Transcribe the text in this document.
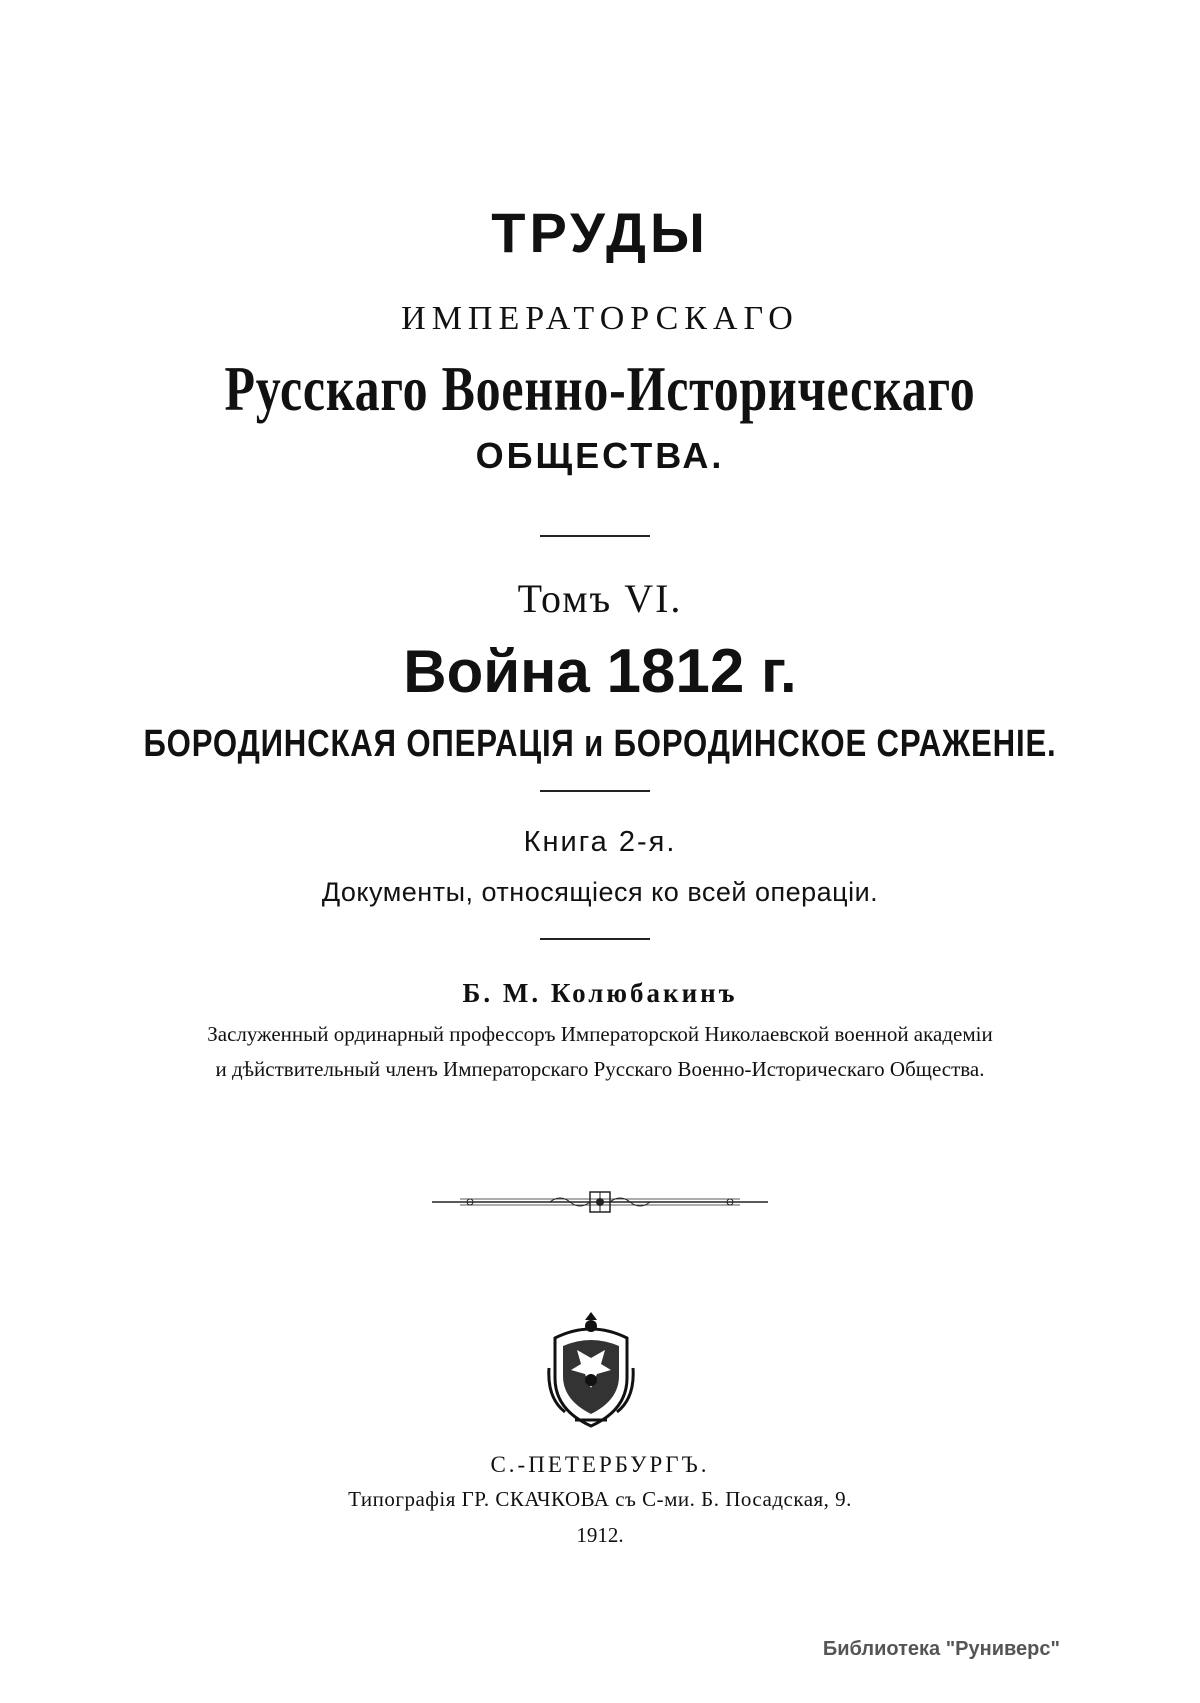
ТРУДЫ
ИМПЕРАТОРСКАГО
Русскаго Военно-Историческаго
ОБЩЕСТВА.
Томъ VI.
Война 1812 г.
БОРОДИНСКАЯ ОПЕРАЦІЯ и БОРОДИНСКОЕ СРАЖЕНІЕ.
Книга 2-я.
Документы, относящіеся ко всей операціи.
Б. М. Колюбакинъ
Заслуженный ординарный профессоръ Императорской Николаевской военной академіи
и дѣйствительный членъ Императорскаго Русскаго Военно-Историческаго Общества.
С.-ПЕТЕРБУРГЪ.
Типографія ГР. СКАЧКОВА съ С-ми. Б. Посадская, 9.
1912.
Библиотека "Руниверс"
